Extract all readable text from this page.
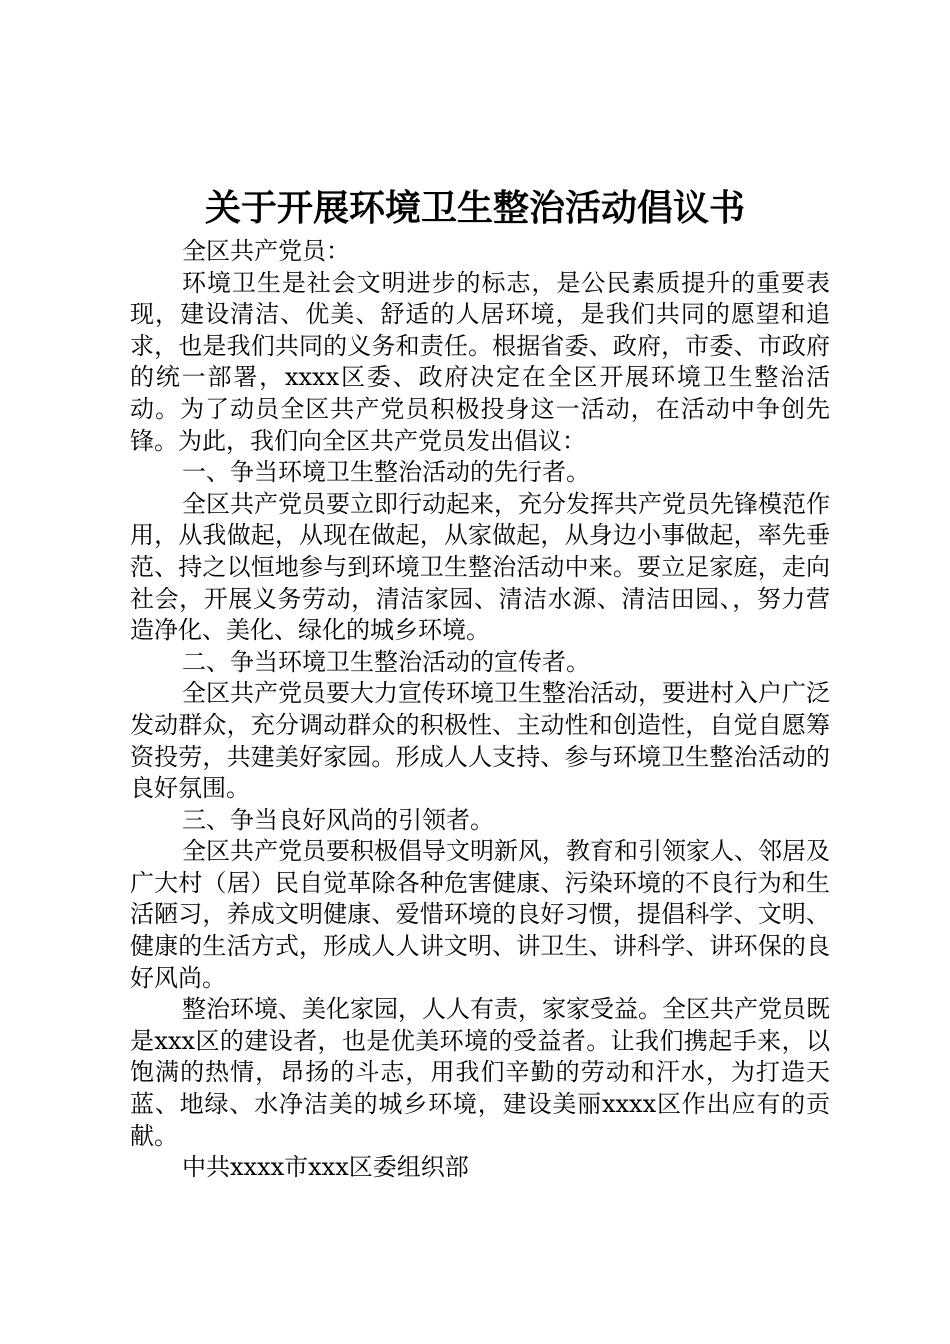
关于开展环境卫生整治活动倡议书

全区共产党员：

环境卫生是社会文明进步的标志，是公民素质提升的重要表现，建设清洁、优美、舒适的人居环境，是我们共同的愿望和追求，也是我们共同的义务和责任。根据省委、政府，市委、市政府的统一部署，xxxx区委、政府决定在全区开展环境卫生整治活动。为了动员全区共产党员积极投身这一活动，在活动中争创先锋。为此，我们向全区共产党员发出倡议：

一、争当环境卫生整治活动的先行者。

全区共产党员要立即行动起来，充分发挥共产党员先锋模范作用，从我做起，从现在做起，从家做起，从身边小事做起，率先垂范、持之以恒地参与到环境卫生整治活动中来。要立足家庭，走向社会，开展义务劳动，清洁家园、清洁水源、清洁田园、，努力营造净化、美化、绿化的城乡环境。

二、争当环境卫生整治活动的宣传者。

全区共产党员要大力宣传环境卫生整治活动，要进村入户广泛发动群众，充分调动群众的积极性、主动性和创造性，自觉自愿筹资投劳，共建美好家园。形成人人支持、参与环境卫生整治活动的良好氛围。

三、争当良好风尚的引领者。

全区共产党员要积极倡导文明新风，教育和引领家人、邻居及广大村（居）民自觉革除各种危害健康、污染环境的不良行为和生活陋习，养成文明健康、爱惜环境的良好习惯，提倡科学、文明、健康的生活方式，形成人人讲文明、讲卫生、讲科学、讲环保的良好风尚。

整治环境、美化家园，人人有责，家家受益。全区共产党员既是xxx区的建设者，也是优美环境的受益者。让我们携起手来，以饱满的热情，昂扬的斗志，用我们辛勤的劳动和汗水，为打造天蓝、地绿、水净洁美的城乡环境，建设美丽xxxx区作出应有的贡献。

中共xxxx市xxx区委组织部
